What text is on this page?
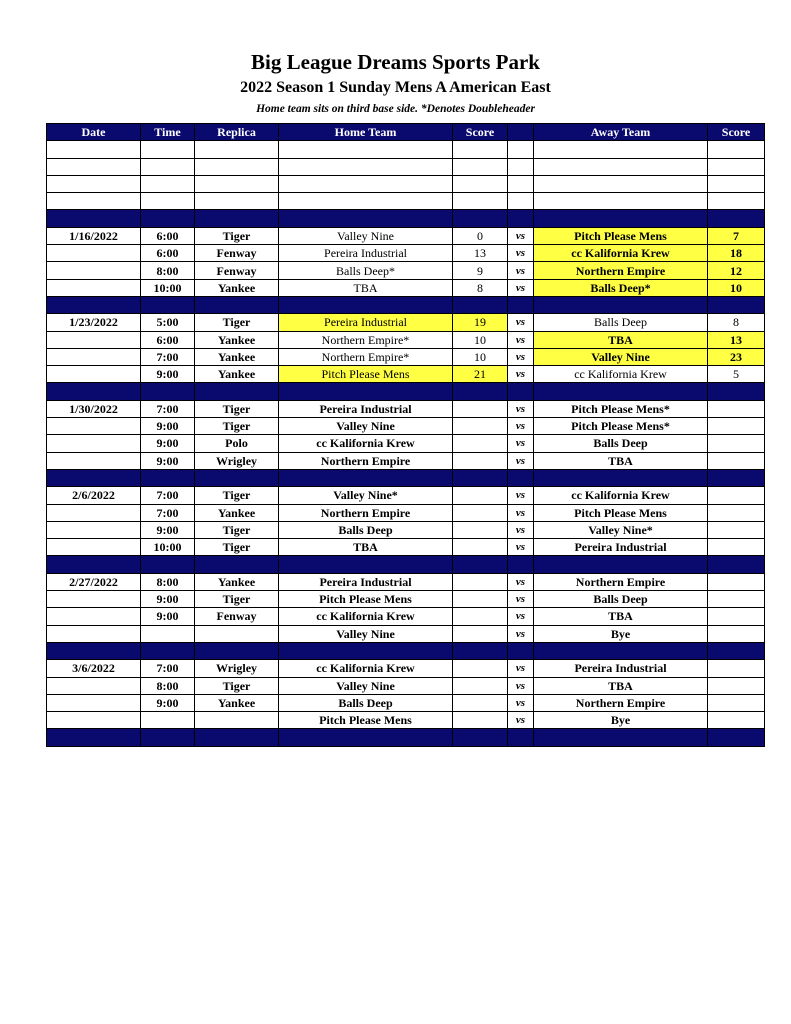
Big League Dreams Sports Park
2022 Season 1 Sunday Mens A American East
Home team sits on third base side. *Denotes Doubleheader
Date	Time	Replica	Home Team	Score		Away Team	Score

1/16/2022	6:00	Tiger	Valley Nine	0	vs	Pitch Please Mens	7
	6:00	Fenway	Pereira Industrial	13	vs	cc Kalifornia Krew	18
	8:00	Fenway	Balls Deep*	9	vs	Northern Empire	12
	10:00	Yankee	TBA	8	vs	Balls Deep*	10

1/23/2022	5:00	Tiger	Pereira Industrial	19	vs	Balls Deep	8
	6:00	Yankee	Northern Empire*	10	vs	TBA	13
	7:00	Yankee	Northern Empire*	10	vs	Valley Nine	23
	9:00	Yankee	Pitch Please Mens	21	vs	cc Kalifornia Krew	5

1/30/2022	7:00	Tiger	Pereira Industrial		vs	Pitch Please Mens*	
	9:00	Tiger	Valley Nine		vs	Pitch Please Mens*	
	9:00	Polo	cc Kalifornia Krew		vs	Balls Deep	
	9:00	Wrigley	Northern Empire		vs	TBA	

2/6/2022	7:00	Tiger	Valley Nine*		vs	cc Kalifornia Krew	
	7:00	Yankee	Northern Empire		vs	Pitch Please Mens	
	9:00	Tiger	Balls Deep		vs	Valley Nine*	
	10:00	Tiger	TBA		vs	Pereira Industrial	

2/27/2022	8:00	Yankee	Pereira Industrial		vs	Northern Empire	
	9:00	Tiger	Pitch Please Mens		vs	Balls Deep	
	9:00	Fenway	cc Kalifornia Krew		vs	TBA	
			Valley Nine		vs	Bye	

3/6/2022	7:00	Wrigley	cc Kalifornia Krew		vs	Pereira Industrial	
	8:00	Tiger	Valley Nine		vs	TBA	
	9:00	Yankee	Balls Deep		vs	Northern Empire	
			Pitch Please Mens		vs	Bye	
